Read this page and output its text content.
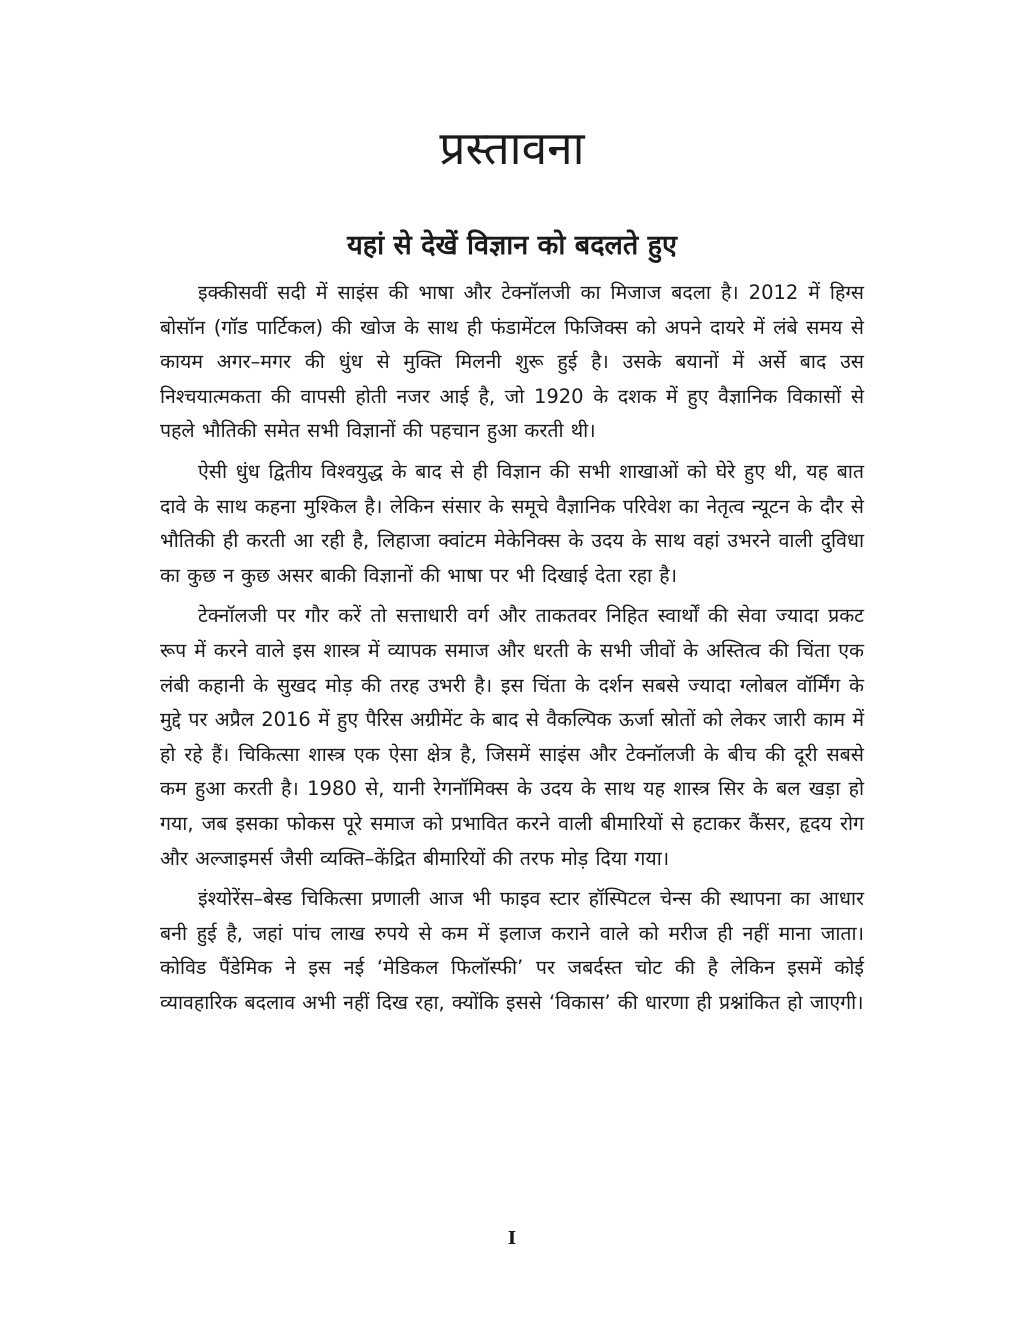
प्रस्तावना
यहां से देखें विज्ञान को बदलते हुए

इक्कीसवीं सदी में साइंस की भाषा और टेक्नॉलजी का मिजाज बदला है। 2012 में हिग्स बोसॉन (गॉड पार्टिकल) की खोज के साथ ही फंडामेंटल फिजिक्स को अपने दायरे में लंबे समय से कायम अगर–मगर की धुंध से मुक्ति मिलनी शुरू हुई है। उसके बयानों में अर्से बाद उस निश्चयात्मकता की वापसी होती नजर आई है, जो 1920 के दशक में हुए वैज्ञानिक विकासों से पहले भौतिकी समेत सभी विज्ञानों की पहचान हुआ करती थी।

ऐसी धुंध द्वितीय विश्वयुद्ध के बाद से ही विज्ञान की सभी शाखाओं को घेरे हुए थी, यह बात दावे के साथ कहना मुश्किल है। लेकिन संसार के समूचे वैज्ञानिक परिवेश का नेतृत्व न्यूटन के दौर से भौतिकी ही करती आ रही है, लिहाजा क्वांटम मेकेनिक्स के उदय के साथ वहां उभरने वाली दुविधा का कुछ न कुछ असर बाकी विज्ञानों की भाषा पर भी दिखाई देता रहा है।

टेक्नॉलजी पर गौर करें तो सत्ताधारी वर्ग और ताकतवर निहित स्वार्थों की सेवा ज्यादा प्रकट रूप में करने वाले इस शास्त्र में व्यापक समाज और धरती के सभी जीवों के अस्तित्व की चिंता एक लंबी कहानी के सुखद मोड़ की तरह उभरी है। इस चिंता के दर्शन सबसे ज्यादा ग्लोबल वॉर्मिंग के मुद्दे पर अप्रैल 2016 में हुए पैरिस अग्रीमेंट के बाद से वैकल्पिक ऊर्जा स्रोतों को लेकर जारी काम में हो रहे हैं। चिकित्सा शास्त्र एक ऐसा क्षेत्र है, जिसमें साइंस और टेक्नॉलजी के बीच की दूरी सबसे कम हुआ करती है। 1980 से, यानी रेगनॉमिक्स के उदय के साथ यह शास्त्र सिर के बल खड़ा हो गया, जब इसका फोकस पूरे समाज को प्रभावित करने वाली बीमारियों से हटाकर कैंसर, हृदय रोग और अल्जाइमर्स जैसी व्यक्ति–केंद्रित बीमारियों की तरफ मोड़ दिया गया।

इंश्योरेंस–बेस्ड चिकित्सा प्रणाली आज भी फाइव स्टार हॉस्पिटल चेन्स की स्थापना का आधार बनी हुई है, जहां पांच लाख रुपये से कम में इलाज कराने वाले को मरीज ही नहीं माना जाता। कोविड पैंडेमिक ने इस नई ‘मेडिकल फिलॉस्फी’ पर जबर्दस्त चोट की है लेकिन इसमें कोई व्यावहारिक बदलाव अभी नहीं दिख रहा, क्योंकि इससे ‘विकास’ की धारणा ही प्रश्नांकित हो जाएगी।

I
